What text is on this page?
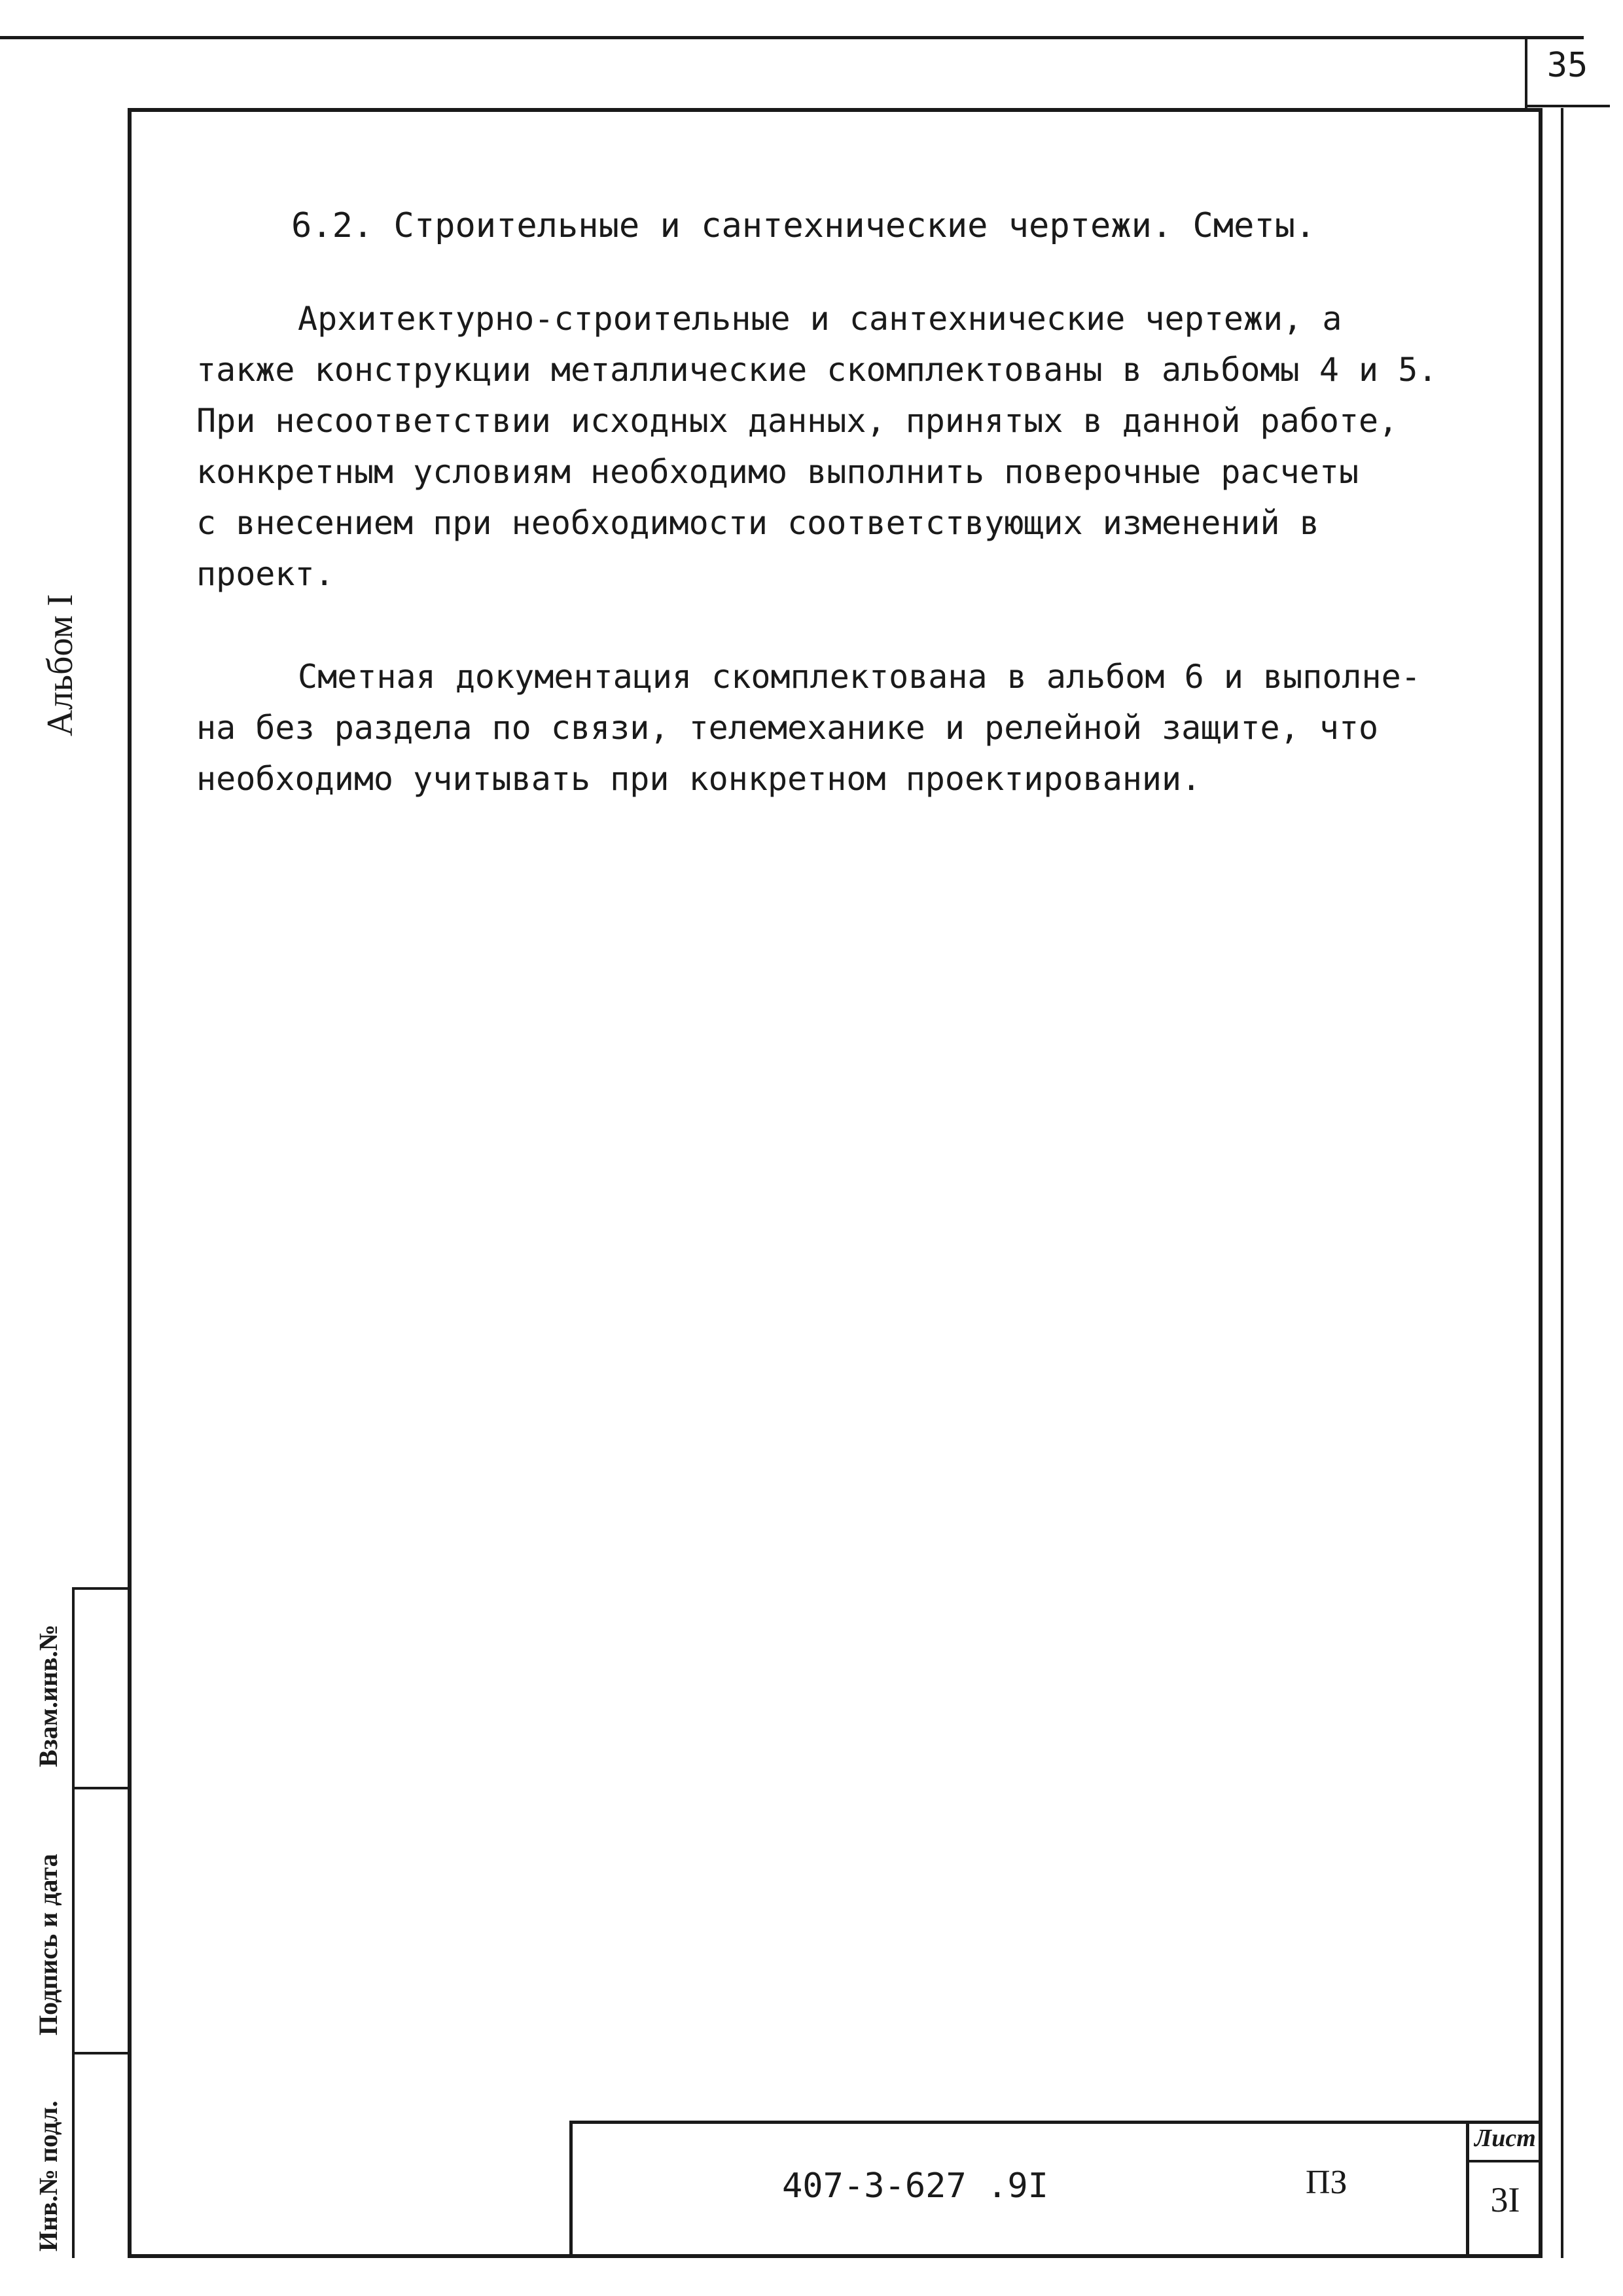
35
Альбом I
Взам.инв.№
Подпись и дата
Инв.№ подл.
6.2. Строительные и сантехнические чертежи. Сметы.
Архитектурно-строительные и сантехнические чертежи, а
также конструкции металлические скомплектованы в альбомы 4 и 5.
При несоответствии исходных данных, принятых в данной работе,
конкретным условиям необходимо выполнить поверочные расчеты
с внесением при необходимости соответствующих изменений в
проект.
Сметная документация скомплектована в альбом 6 и выполне-
на без раздела по связи, телемеханике и релейной защите, что
необходимо учитывать при конкретном проектировании.
407-3-627 .9I	ПЗ
Лист
3I
